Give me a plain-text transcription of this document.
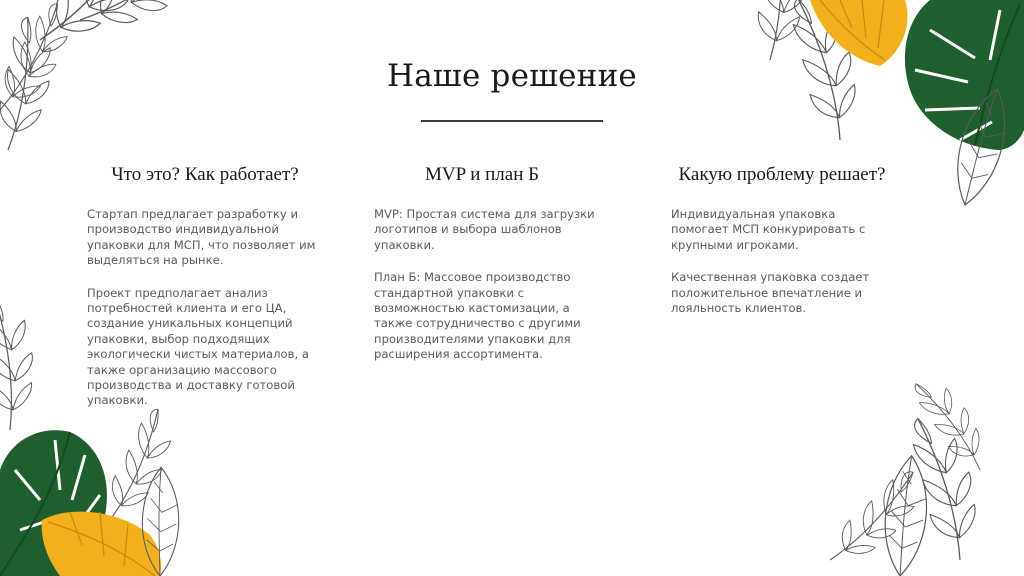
Наше решение
Что это? Как работает?

Стартап предлагает разработку и производство индивидуальной упаковки для МСП, что позволяет им выделяться на рынке.

Проект предполагает анализ потребностей клиента и его ЦА, создание уникальных концепций упаковки, выбор подходящих экологически чистых материалов, а также организацию массового производства и доставку готовой упаковки.

MVP и план Б

MVP: Простая система для загрузки логотипов и выбора шаблонов упаковки.

План Б: Массовое производство стандартной упаковки с возможностью кастомизации, а также сотрудничество с другими производителями упаковки для расширения ассортимента.

Какую проблему решает?

Индивидуальная упаковка помогает МСП конкурировать с крупными игроками.

Качественная упаковка создает положительное впечатление и лояльность клиентов.
